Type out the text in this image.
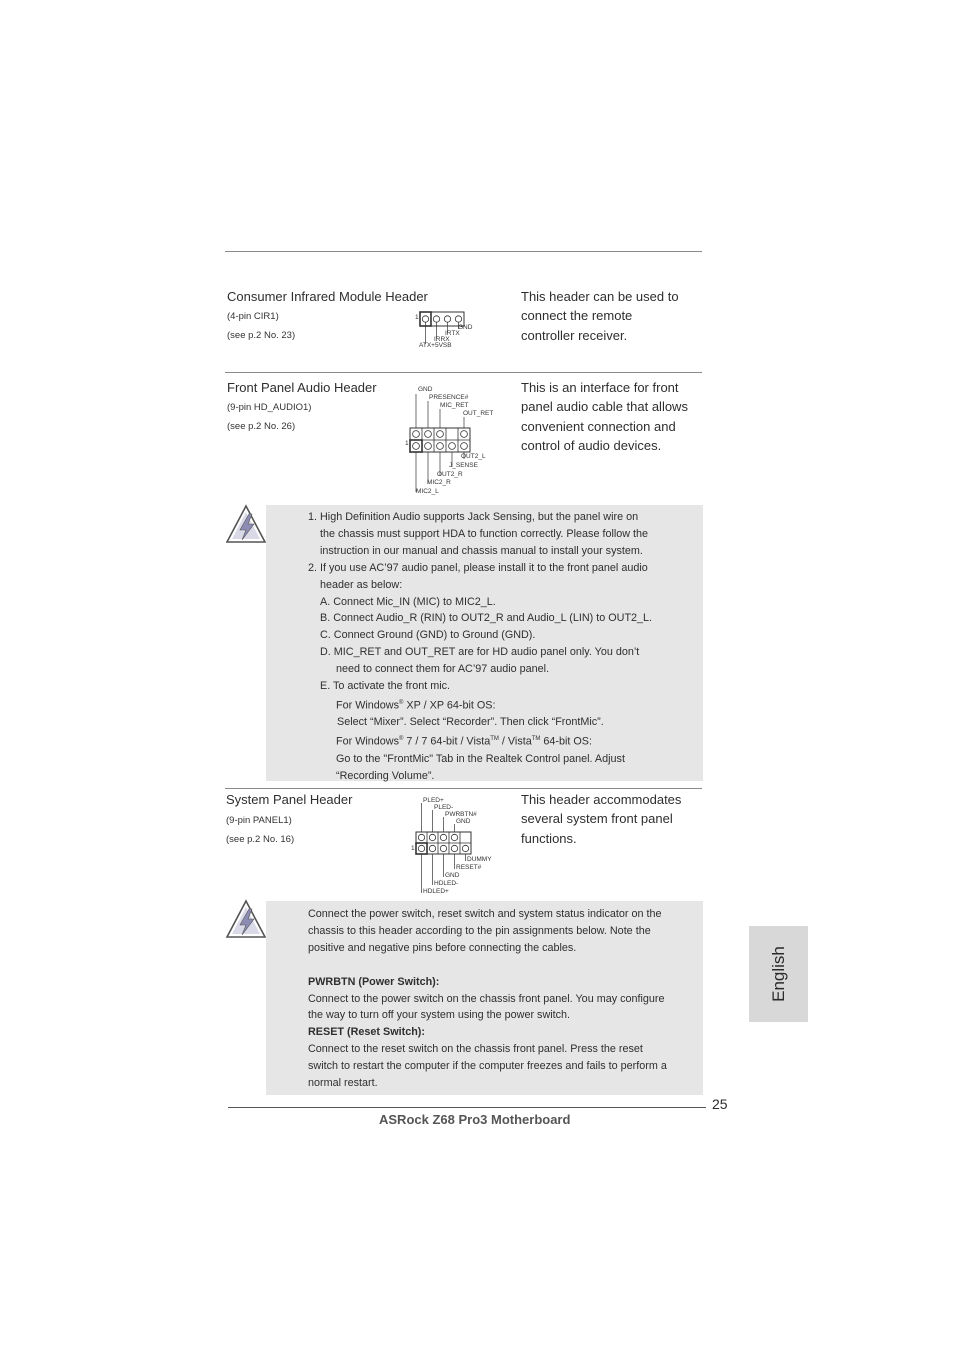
Consumer Infrared Module Header
(4-pin CIR1)
(see p.2 No. 23)
1
GND
IRTX
IRRX
ATX+5VSB
This header can be used to
connect the remote
controller receiver.
Front Panel Audio Header
(9-pin HD_AUDIO1)
(see p.2 No. 26)
1
GND
PRESENCE#
MIC_RET
OUT_RET
OUT2_L
J_SENSE
OUT2_R
MIC2_R
MIC2_L
This is an interface for front
panel audio cable that allows
convenient connection and
control of audio devices.
1. High Definition Audio supports Jack Sensing, but the panel wire on
the chassis must support HDA to function correctly. Please follow the
instruction in our manual and chassis manual to install your system.
2. If you use AC’97 audio panel, please install it to the front panel audio
header as below:
A. Connect Mic_IN (MIC) to MIC2_L.
B. Connect Audio_R (RIN) to OUT2_R and Audio_L (LIN) to OUT2_L.
C. Connect Ground (GND) to Ground (GND).
D. MIC_RET and OUT_RET are for HD audio panel only. You don’t
need to connect them for AC’97 audio panel.
E. To activate the front mic.
For Windows® XP / XP 64-bit OS:
Select “Mixer”. Select “Recorder”. Then click “FrontMic”.
For Windows® 7 / 7 64-bit / Vista™ / Vista™ 64-bit OS:
Go to the "FrontMic" Tab in the Realtek Control panel. Adjust
“Recording Volume”.
System Panel Header
(9-pin PANEL1)
(see p.2 No. 16)
1
PLED+
PLED-
PWRBTN#
GND
DUMMY
RESET#
GND
HDLED-
HDLED+
This header accommodates
several system front panel
functions.
Connect the power switch, reset switch and system status indicator on the
chassis to this header according to the pin assignments below. Note the
positive and negative pins before connecting the cables.
PWRBTN (Power Switch):
Connect to the power switch on the chassis front panel. You may configure
the way to turn off your system using the power switch.
RESET (Reset Switch):
Connect to the reset switch on the chassis front panel. Press the reset
switch to restart the computer if the computer freezes and fails to perform a
normal restart.
English
25
ASRock Z68 Pro3 Motherboard
